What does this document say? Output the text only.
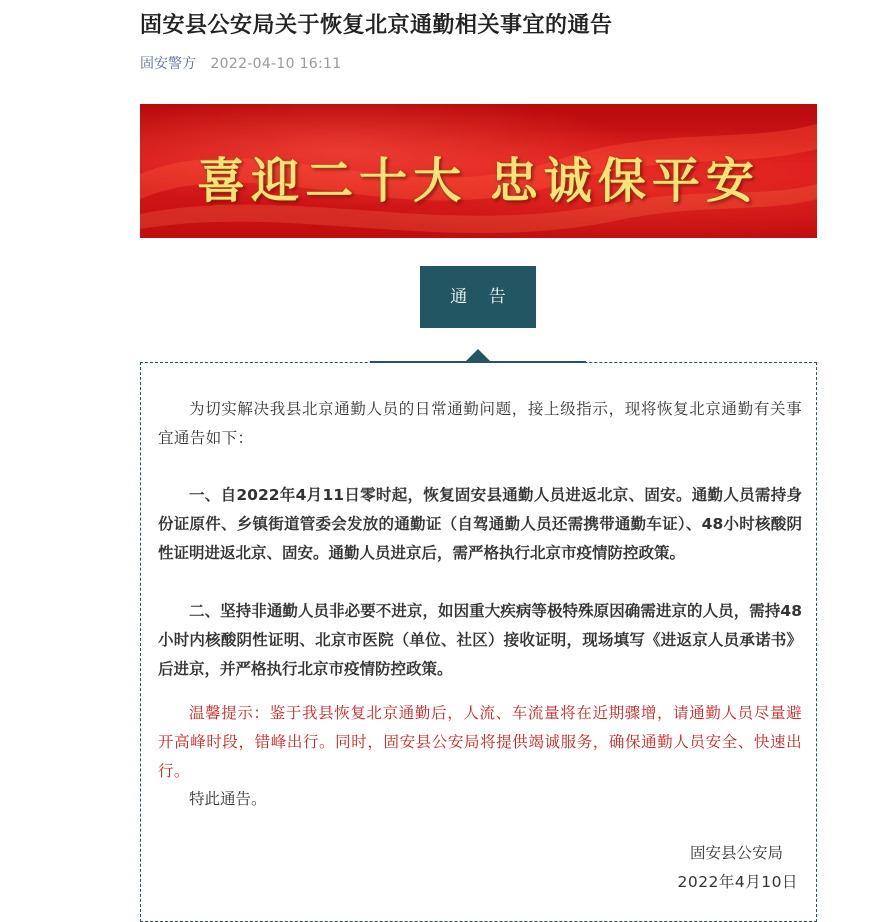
固安县公安局关于恢复北京通勤相关事宜的通告
固安警方 2022-04-10 16:11
喜迎二十大 忠诚保平安
通 告

为切实解决我县北京通勤人员的日常通勤问题，接上级指示，现将恢复北京通勤有关事宜通告如下：

一、自2022年4月11日零时起，恢复固安县通勤人员进返北京、固安。通勤人员需持身份证原件、乡镇街道管委会发放的通勤证（自驾通勤人员还需携带通勤车证）、48小时核酸阴性证明进返北京、固安。通勤人员进京后，需严格执行北京市疫情防控政策。

二、坚持非通勤人员非必要不进京，如因重大疾病等极特殊原因确需进京的人员，需持48小时内核酸阴性证明、北京市医院（单位、社区）接收证明，现场填写《进返京人员承诺书》后进京，并严格执行北京市疫情防控政策。

温馨提示：鉴于我县恢复北京通勤后，人流、车流量将在近期骤增，请通勤人员尽量避开高峰时段，错峰出行。同时，固安县公安局将提供竭诚服务，确保通勤人员安全、快速出行。

特此通告。

固安县公安局
2022年4月10日
